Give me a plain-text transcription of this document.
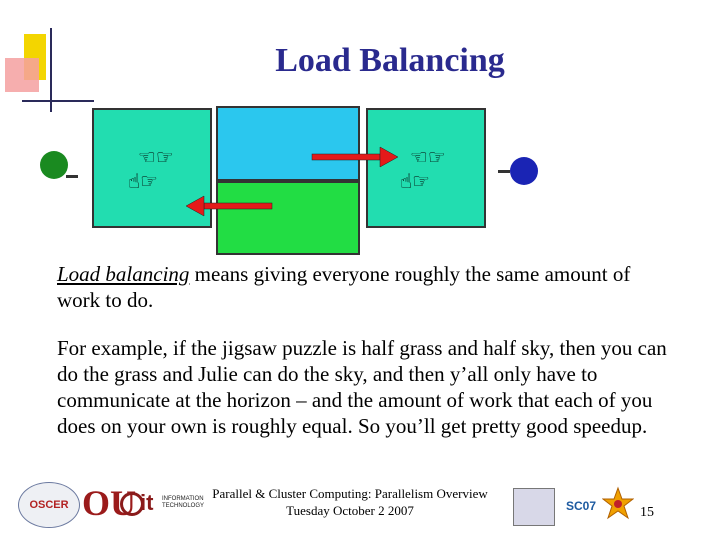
Load Balancing
☜☞
☝☞
☜☞
☝☞
Load balancing means giving everyone roughly the same amount of work to do.
For example, if the jigsaw puzzle is half grass and half sky, then you can do the grass and Julie can do the sky, and then y’all only have to communicate at the horizon – and the amount of work that each of you does on your own is roughly equal. So you’ll get pretty good speedup.
OSCER OU it INFORMATION
TECHNOLOGY
Parallel & Cluster Computing: Parallelism Overview
Tuesday October 2 2007	SC07	15
